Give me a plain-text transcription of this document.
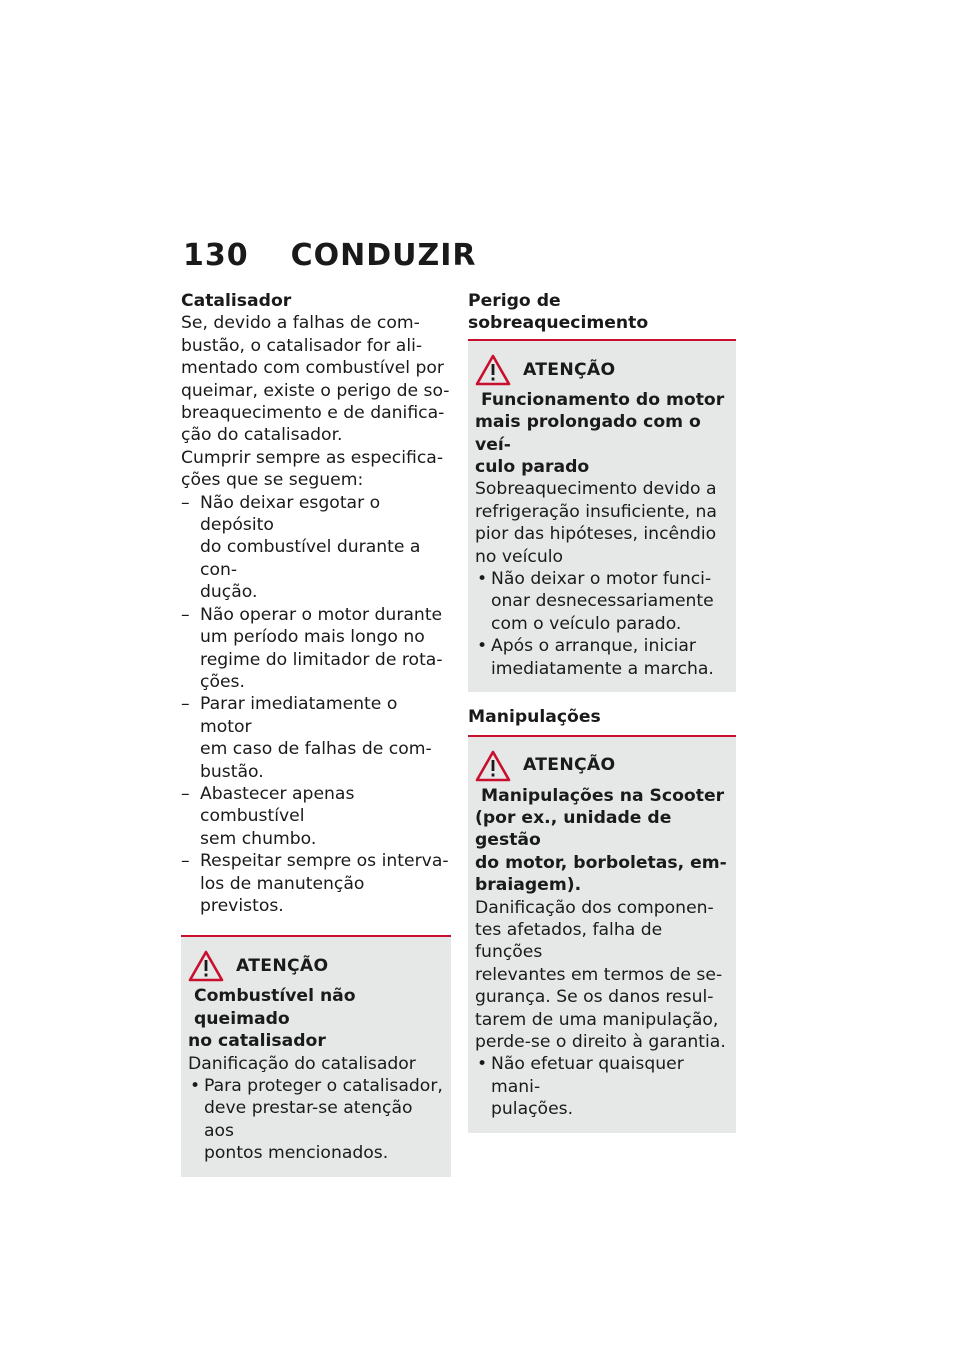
130 CONDUZIR
Catalisador
Se, devido a falhas de com-
bustão, o catalisador for ali-
mentado com combustível por
queimar, existe o perigo de so-
breaquecimento e de danifica-
ção do catalisador.
Cumprir sempre as especifica-
ções que se seguem:
– Não deixar esgotar o depósito
do combustível durante a con-
dução.
– Não operar o motor durante
um período mais longo no
regime do limitador de rota-
ções.
– Parar imediatamente o motor
em caso de falhas de com-
bustão.
– Abastecer apenas combustível
sem chumbo.
– Respeitar sempre os interva-
los de manutenção previstos.
ATENÇÃO
Combustível não queimado
no catalisador
Danificação do catalisador
• Para proteger o catalisador,
deve prestar-se atenção aos
pontos mencionados.
Perigo de sobreaquecimento
ATENÇÃO
Funcionamento do motor
mais prolongado com o veí-
culo parado
Sobreaquecimento devido a
refrigeração insuficiente, na
pior das hipóteses, incêndio
no veículo
• Não deixar o motor funci-
onar desnecessariamente
com o veículo parado.
• Após o arranque, iniciar
imediatamente a marcha.
Manipulações
ATENÇÃO
Manipulações na Scooter
(por ex., unidade de gestão
do motor, borboletas, em-
braiagem).
Danificação dos componen-
tes afetados, falha de funções
relevantes em termos de se-
gurança. Se os danos resul-
tarem de uma manipulação,
perde-se o direito à garantia.
• Não efetuar quaisquer mani-
pulações.
